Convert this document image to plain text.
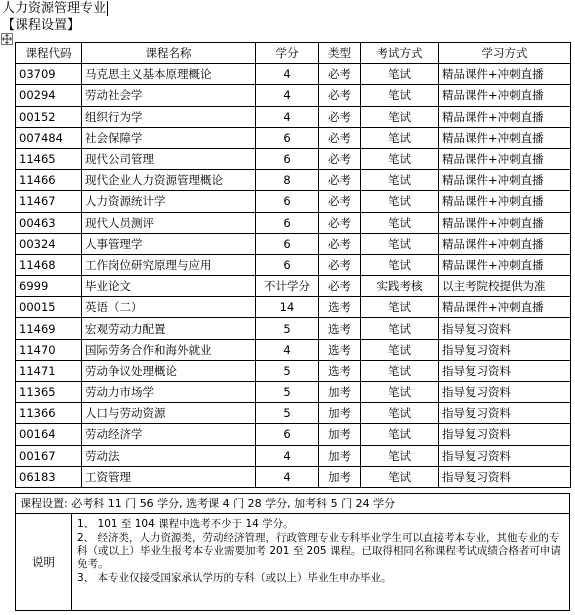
人力资源管理专业
【课程设置】
课程代码	课程名称	学分	类型	考试方式	学习方式
03709	马克思主义基本原理概论	4	必考	笔试	精品课件+冲刺直播
00294	劳动社会学	4	必考	笔试	精品课件+冲刺直播
00152	组织行为学	4	必考	笔试	精品课件+冲刺直播
007484	社会保障学	6	必考	笔试	精品课件+冲刺直播
11465	现代公司管理	6	必考	笔试	精品课件+冲刺直播
11466	现代企业人力资源管理概论	8	必考	笔试	精品课件+冲刺直播
11467	人力资源统计学	6	必考	笔试	精品课件+冲刺直播
00463	现代人员测评	6	必考	笔试	精品课件+冲刺直播
00324	人事管理学	6	必考	笔试	精品课件+冲刺直播
11468	工作岗位研究原理与应用	6	必考	笔试	精品课件+冲刺直播
6999	毕业论文	不计学分	必考	实践考核	以主考院校提供为准
00015	英语（二）	14	选考	笔试	精品课件+冲刺直播
11469	宏观劳动力配置	5	选考	笔试	指导复习资料
11470	国际劳务合作和海外就业	4	选考	笔试	指导复习资料
11471	劳动争议处理概论	5	选考	笔试	指导复习资料
11365	劳动力市场学	5	加考	笔试	指导复习资料
11366	人口与劳动资源	5	加考	笔试	指导复习资料
00164	劳动经济学	6	加考	笔试	指导复习资料
00167	劳动法	4	加考	笔试	指导复习资料
06183	工资管理	4	加考	笔试	指导复习资料
课程设置: 必考科 11 门 56 学分, 选考课 4 门 28 学分, 加考科 5 门 24 学分
说明
1、 101 至 104 课程中选考不少于 14 学分。
2、 经济类，人力资源类，劳动经济管理，行政管理专业专科毕业学生可以直接考本专业，其他专业的专科（或以上）毕业生报考本专业需要加考 201 至 205 课程。已取得相同名称课程考试成绩合格者可申请免考。
3、 本专业仅接受国家承认学历的专科（或以上）毕业生申办毕业。
